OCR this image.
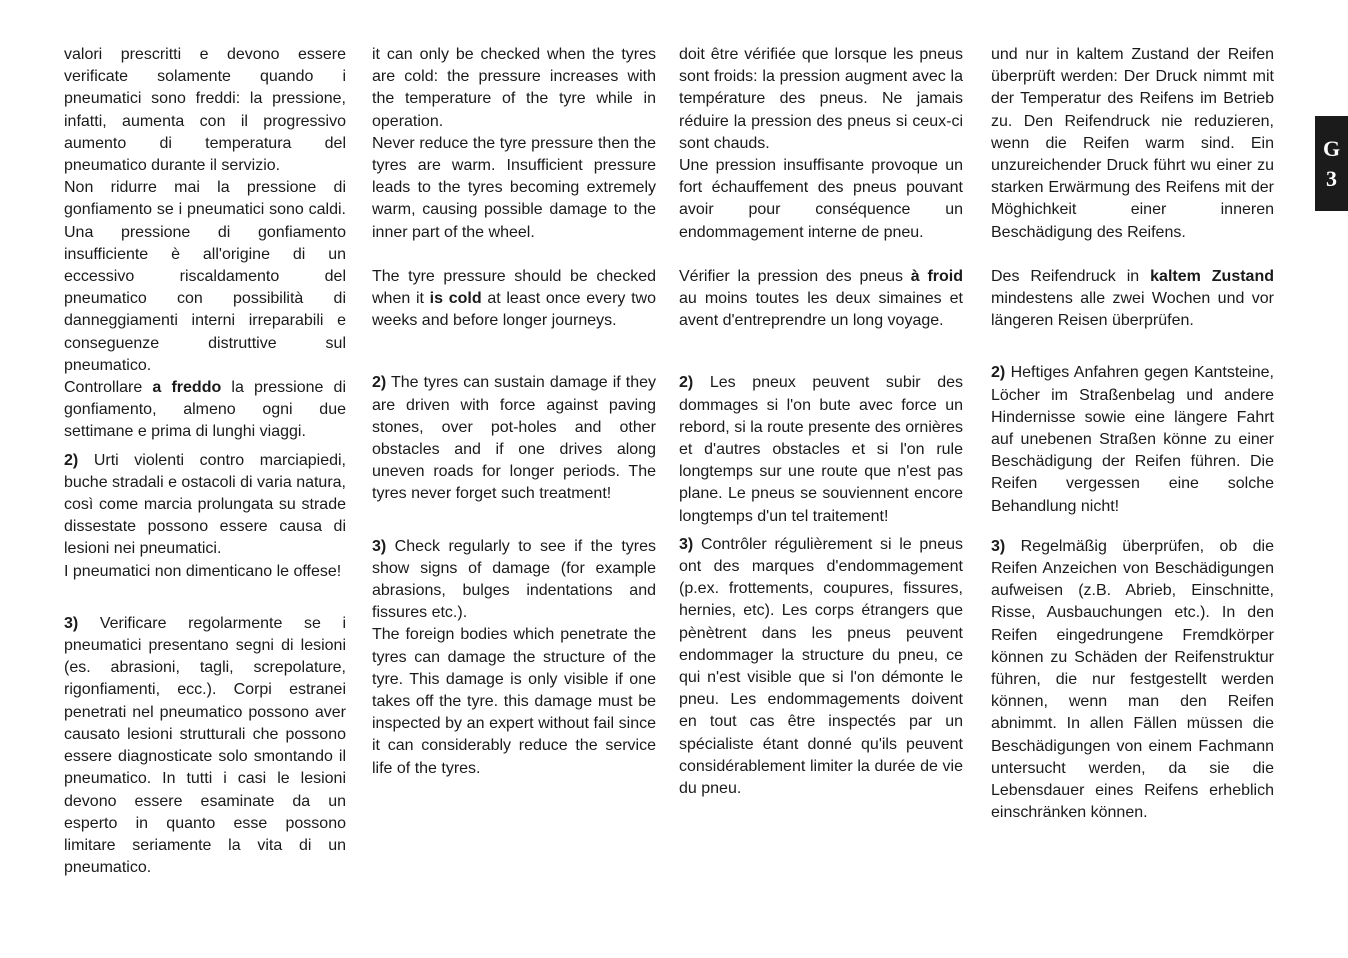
valori prescritti e devono essere verificate solamente quando i pneumatici sono freddi: la pressione, infatti, aumenta con il progressivo aumento di temperatura del pneumatico durante il servizio.

Non ridurre mai la pressione di gonfiamento se i pneumatici sono caldi. Una pressione di gonfiamento insufficiente è all'origine di un eccessivo riscaldamento del pneumatico con possibilità di danneggiamenti interni irreparabili e conseguenze distruttive sul pneumatico.

Controllare a freddo la pressione di gonfiamento, almeno ogni due settimane e prima di lunghi viaggi.

2) Urti violenti contro marciapiedi, buche stradali e ostacoli di varia natura, così come marcia prolungata su strade dissestate possono essere causa di lesioni nei pneumatici.

I pneumatici non dimenticano le offese!

3) Verificare regolarmente se i pneumatici presentano segni di lesioni (es. abrasioni, tagli, screpolature, rigonfiamenti, ecc.). Corpi estranei penetrati nel pneumatico possono aver causato lesioni strutturali che possono essere diagnosticate solo smontando il pneumatico. In tutti i casi le lesioni devono essere esaminate da un esperto in quanto esse possono limitare seriamente la vita di un pneumatico.

it can only be checked when the tyres are cold: the pressure increases with the temperature of the tyre while in operation.

Never reduce the tyre pressure then the tyres are warm. Insufficient pressure leads to the tyres becoming extremely warm, causing possible damage to the inner part of the wheel.

The tyre pressure should be checked when it is cold at least once every two weeks and before longer journeys.

2) The tyres can sustain damage if they are driven with force against paving stones, over pot-holes and other obstacles and if one drives along uneven roads for longer periods. The tyres never forget such treatment!

3) Check regularly to see if the tyres show signs of damage (for example abrasions, bulges indentations and fissures etc.).

The foreign bodies which penetrate the tyres can damage the structure of the tyre. This damage is only visible if one takes off the tyre. this damage must be inspected by an expert without fail since it can considerably reduce the service life of the tyres.

doit être vérifiée que lorsque les pneus sont froids: la pression augment avec la température des pneus. Ne jamais réduire la pression des pneus si ceux-ci sont chauds.

Une pression insuffisante provoque un fort échauffement des pneus pouvant avoir pour conséquence un endommagement interne de pneu.

Vérifier la pression des pneus à froid au moins toutes les deux simaines et avent d'entreprendre un long voyage.

2) Les pneux peuvent subir des dommages si l'on bute avec force un rebord, si la route presente des ornières et d'autres obstacles et si l'on rule longtemps sur une route que n'est pas plane. Le pneus se souviennent encore longtemps d'un tel traitement!

3) Contrôler régulièrement si le pneus ont des marques d'endommagement (p.ex. frottements, coupures, fissures, hernies, etc). Les corps étrangers que pènètrent dans les pneus peuvent endommager la structure du pneu, ce qui n'est visible que si l'on démonte le pneu. Les endommagements doivent en tout cas être inspectés par un spécialiste étant donné qu'ils peuvent considérablement limiter la durée de vie du pneu.

und nur in kaltem Zustand der Reifen überprüft werden: Der Druck nimmt mit der Temperatur des Reifens im Betrieb zu. Den Reifendruck nie reduzieren, wenn die Reifen warm sind. Ein unzureichender Druck führt wu einer zu starken Erwärmung des Reifens mit der Möghichkeit einer inneren Beschädigung des Reifens.

Des Reifendruck in kaltem Zustand mindestens alle zwei Wochen und vor längeren Reisen überprüfen.

2) Heftiges Anfahren gegen Kantsteine, Löcher im Straßenbelag und andere Hindernisse sowie eine längere Fahrt auf unebenen Straßen könne zu einer Beschädigung der Reifen führen. Die Reifen vergessen eine solche Behandlung nicht!

3) Regelmäßig überprüfen, ob die Reifen Anzeichen von Beschädigungen aufweisen (z.B. Abrieb, Einschnitte, Risse, Ausbauchungen etc.). In den Reifen eingedrungene Fremdkörper können zu Schäden der Reifenstruktur führen, die nur festgestellt werden können, wenn man den Reifen abnimmt. In allen Fällen müssen die Beschädigungen von einem Fachmann untersucht werden, da sie die Lebensdauer eines Reifens erheblich einschränken können.

G
3
